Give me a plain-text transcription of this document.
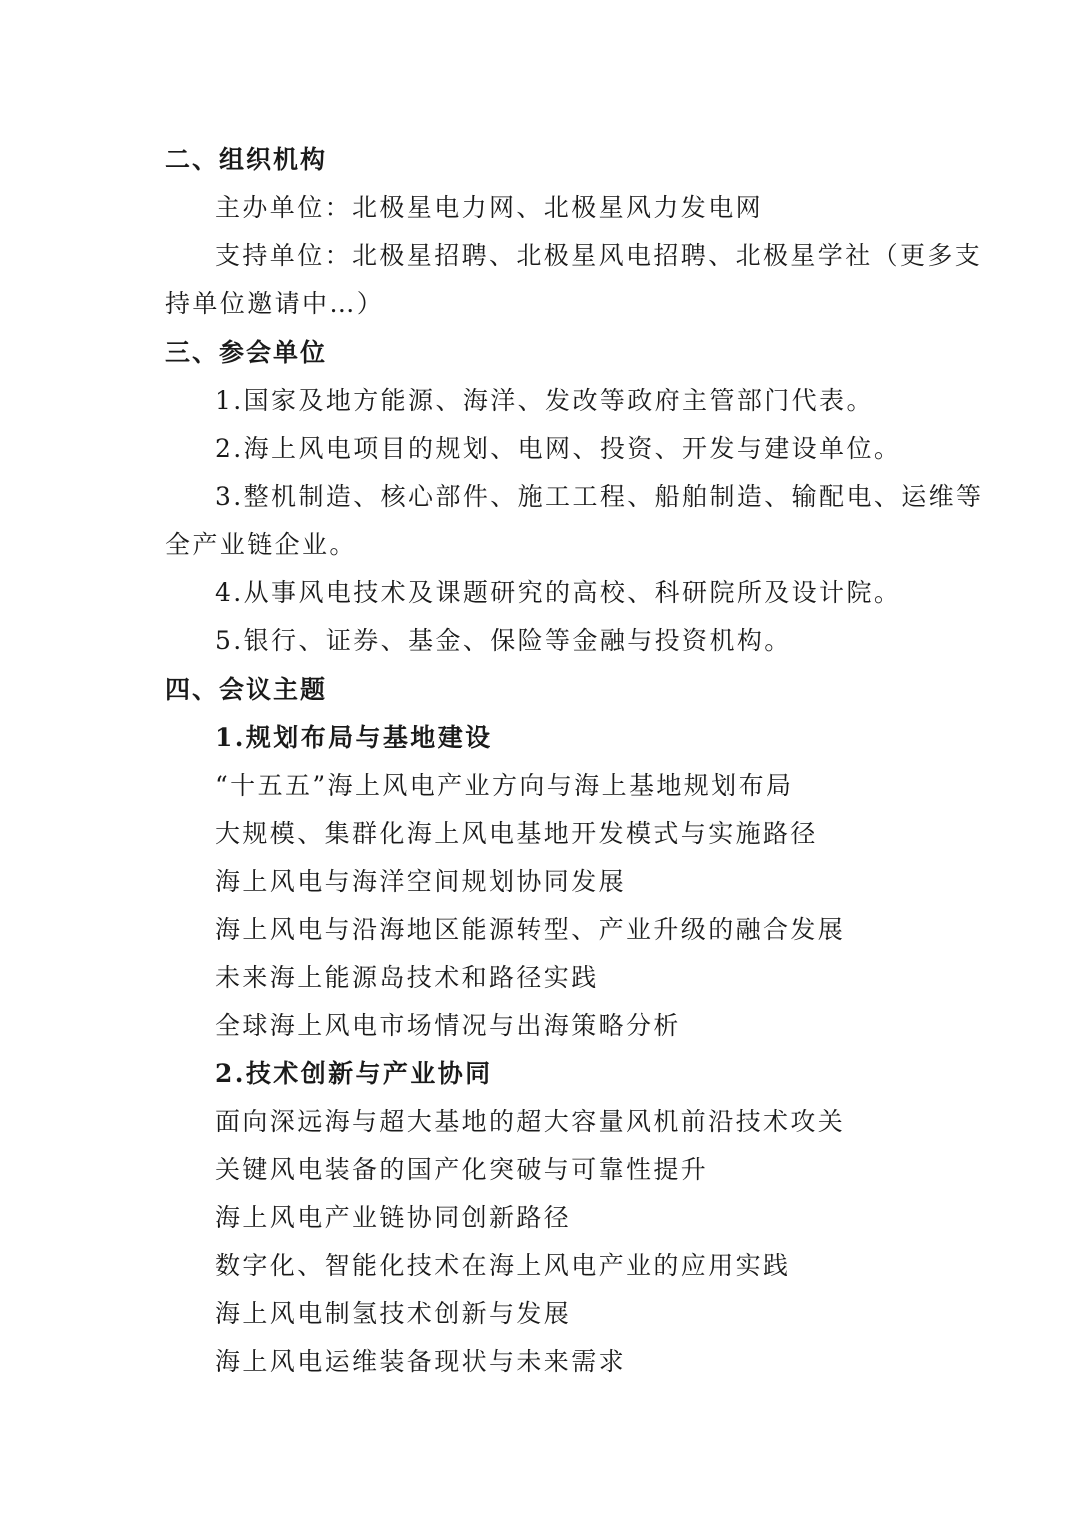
二、组织机构
主办单位：北极星电力网、北极星风力发电网
支持单位：北极星招聘、北极星风电招聘、北极星学社（更多支
持单位邀请中…）
三、参会单位
1.国家及地方能源、海洋、发改等政府主管部门代表。
2.海上风电项目的规划、电网、投资、开发与建设单位。
3.整机制造、核心部件、施工工程、船舶制造、输配电、运维等
全产业链企业。
4.从事风电技术及课题研究的高校、科研院所及设计院。
5.银行、证券、基金、保险等金融与投资机构。
四、会议主题
1.规划布局与基地建设
“十五五”海上风电产业方向与海上基地规划布局
大规模、集群化海上风电基地开发模式与实施路径
海上风电与海洋空间规划协同发展
海上风电与沿海地区能源转型、产业升级的融合发展
未来海上能源岛技术和路径实践
全球海上风电市场情况与出海策略分析
2.技术创新与产业协同
面向深远海与超大基地的超大容量风机前沿技术攻关
关键风电装备的国产化突破与可靠性提升
海上风电产业链协同创新路径
数字化、智能化技术在海上风电产业的应用实践
海上风电制氢技术创新与发展
海上风电运维装备现状与未来需求
